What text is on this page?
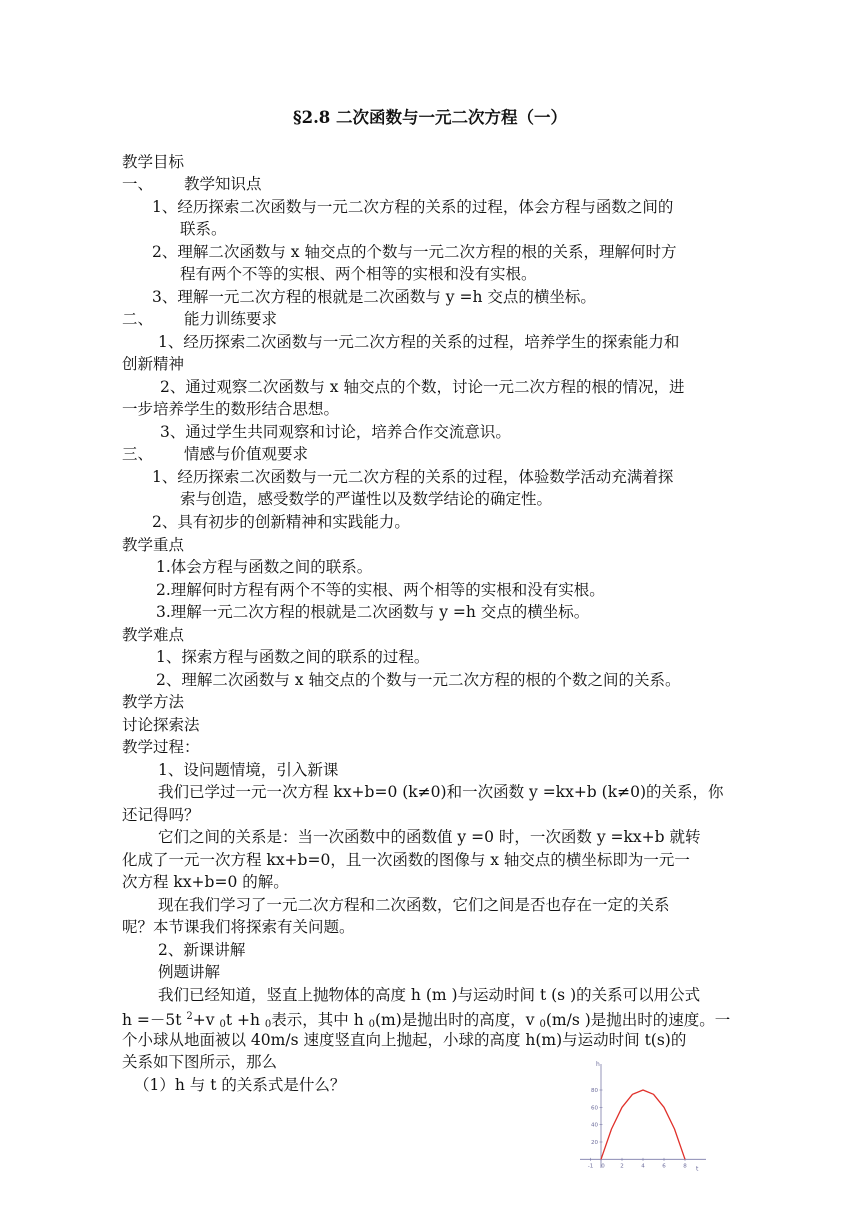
§2.8 二次函数与一元二次方程（一）
教学目标
一、 教学知识点
1、经历探索二次函数与一元二次方程的关系的过程，体会方程与函数之间的
联系。
2、理解二次函数与 x 轴交点的个数与一元二次方程的根的关系，理解何时方
程有两个不等的实根、两个相等的实根和没有实根。
3、理解一元二次方程的根就是二次函数与 y =h 交点的横坐标。
二、 能力训练要求
1、经历探索二次函数与一元二次方程的关系的过程，培养学生的探索能力和
创新精神
2、通过观察二次函数与 x 轴交点的个数，讨论一元二次方程的根的情况，进
一步培养学生的数形结合思想。
3、通过学生共同观察和讨论，培养合作交流意识。
三、 情感与价值观要求
1、经历探索二次函数与一元二次方程的关系的过程，体验数学活动充满着探
索与创造，感受数学的严谨性以及数学结论的确定性。
2、具有初步的创新精神和实践能力。
教学重点
1.体会方程与函数之间的联系。
2.理解何时方程有两个不等的实根、两个相等的实根和没有实根。
3.理解一元二次方程的根就是二次函数与 y =h 交点的横坐标。
教学难点
1、探索方程与函数之间的联系的过程。
2、理解二次函数与 x 轴交点的个数与一元二次方程的根的个数之间的关系。
教学方法
讨论探索法
教学过程：
1、设问题情境，引入新课
我们已学过一元一次方程 kx+b=0 (k≠0)和一次函数 y =kx+b (k≠0)的关系，你
还记得吗？
它们之间的关系是：当一次函数中的函数值 y =0 时，一次函数 y =kx+b 就转
化成了一元一次方程 kx+b=0，且一次函数的图像与 x 轴交点的横坐标即为一元一
次方程 kx+b=0 的解。
现在我们学习了一元二次方程和二次函数，它们之间是否也存在一定的关系
呢？本节课我们将探索有关问题。
2、新课讲解
例题讲解
我们已经知道，竖直上抛物体的高度 h (m )与运动时间 t (s )的关系可以用公式
h =－5t $^2$+v $_0$t +h $_0$表示，其中 h $_0$(m)是抛出时的高度，v $_0$(m/s )是抛出时的速度。一
个小球从地面被以 40m/s 速度竖直向上抛起，小球的高度 h(m)与运动时间 t(s)的
关系如下图所示，那么
（1）h 与 t 的关系式是什么？
t
h
-1 0	2	4	6	8
20
40
60
80
